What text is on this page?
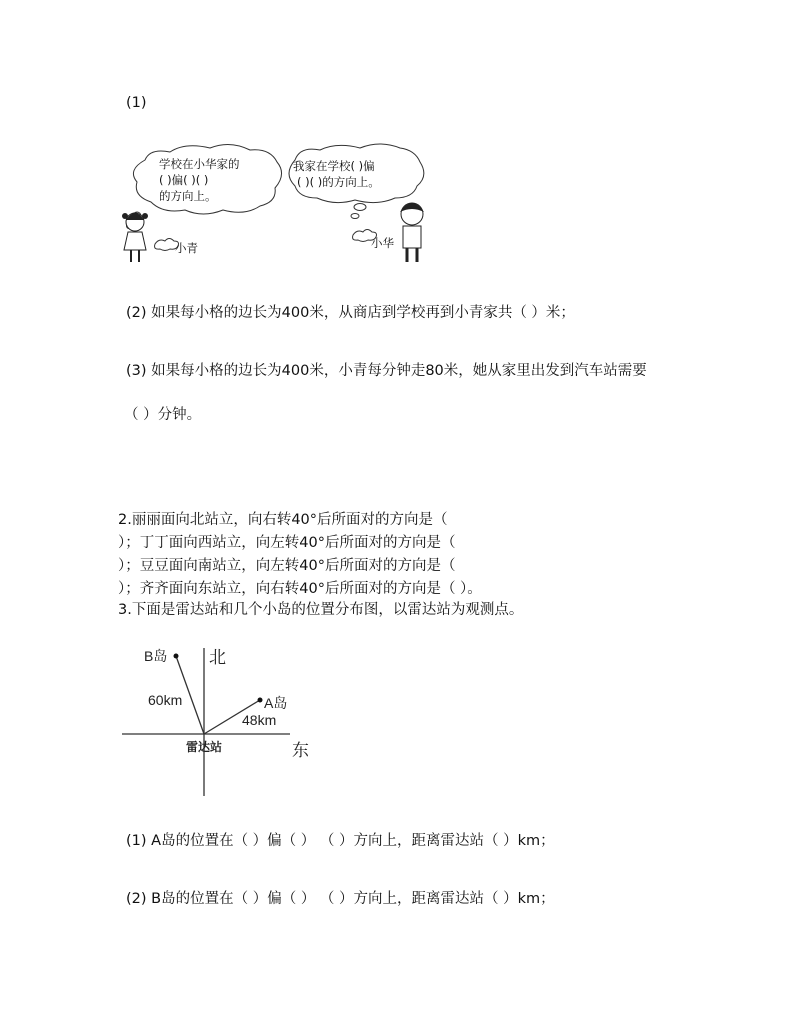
(1)
学校在小华家的
( )偏( )( )
的方向上。
我家在学校( )偏
( )( )的方向上。
小青	小华
(2) 如果每小格的边长为400米，从商店到学校再到小青家共（ ）米；
(3) 如果每小格的边长为400米，小青每分钟走80米，她从家里出发到汽车站需要
（ ）分钟。
2.丽丽面向北站立，向右转40°后所面对的方向是（
）；丁丁面向西站立，向左转40°后所面对的方向是（
）；豆豆面向南站立，向左转40°后所面对的方向是（
）；齐齐面向东站立，向右转40°后所面对的方向是（ ）。
3.下面是雷达站和几个小岛的位置分布图，以雷达站为观测点。
北
东
雷达站
A岛
48km
B岛
60km
(1) A岛的位置在（ ）偏（ ） （ ）方向上，距离雷达站（ ）km；
(2) B岛的位置在（ ）偏（ ） （ ）方向上，距离雷达站（ ）km；
